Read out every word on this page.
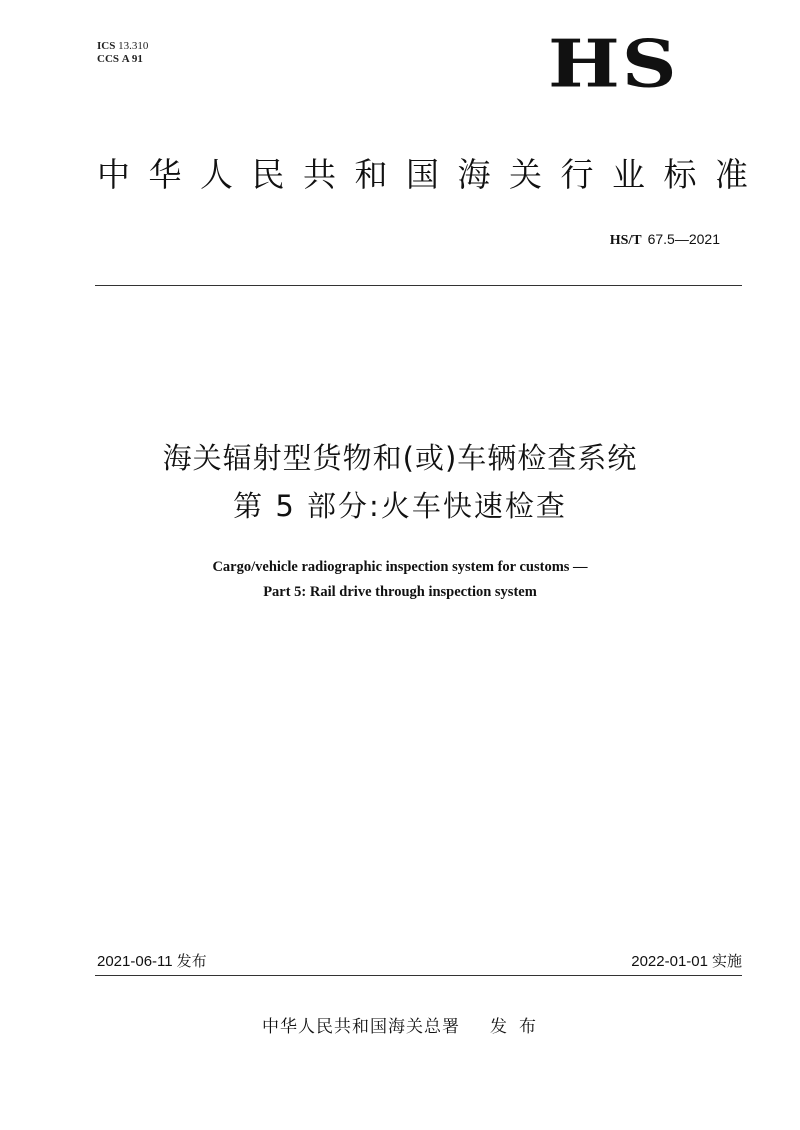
ICS 13.310
CCS A 91	HS
中华人民共和国海关行业标准
HS/T 67.5—2021
海关辐射型货物和(或)车辆检查系统
第 5 部分:火车快速检查
Cargo/vehicle radiographic inspection system for customs —
Part 5: Rail drive through inspection system
2021-06-11 发布	2022-01-01 实施
中华人民共和国海关总署 发布
